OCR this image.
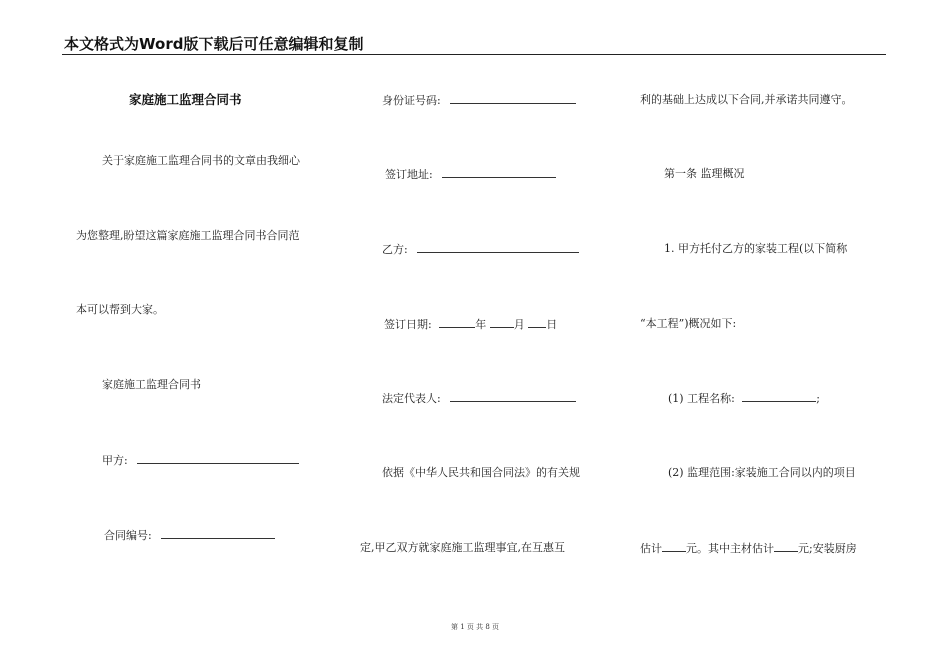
本文格式为Word版下载后可任意编辑和复制
家庭施工监理合同书
关于家庭施工监理合同书的文章由我细心
为您整理,盼望这篇家庭施工监理合同书合同范
本可以帮到大家。
家庭施工监理合同书
甲方:
合同编号:
身份证号码:
签订地址:
乙方:
签订日期:	年	月 日
法定代表人:
依据《中华人民共和国合同法》的有关规
定,甲乙双方就家庭施工监理事宜,在互惠互
利的基础上达成以下合同,并承诺共同遵守。
第一条 监理概况
1. 甲方托付乙方的家装工程(以下简称
“本工程”)概况如下:
(1) 工程名称:	;
(2) 监理范围:家装施工合同以内的项目
估计 元。其中主材估计 元;安装厨房
第 1 页 共 8 页
